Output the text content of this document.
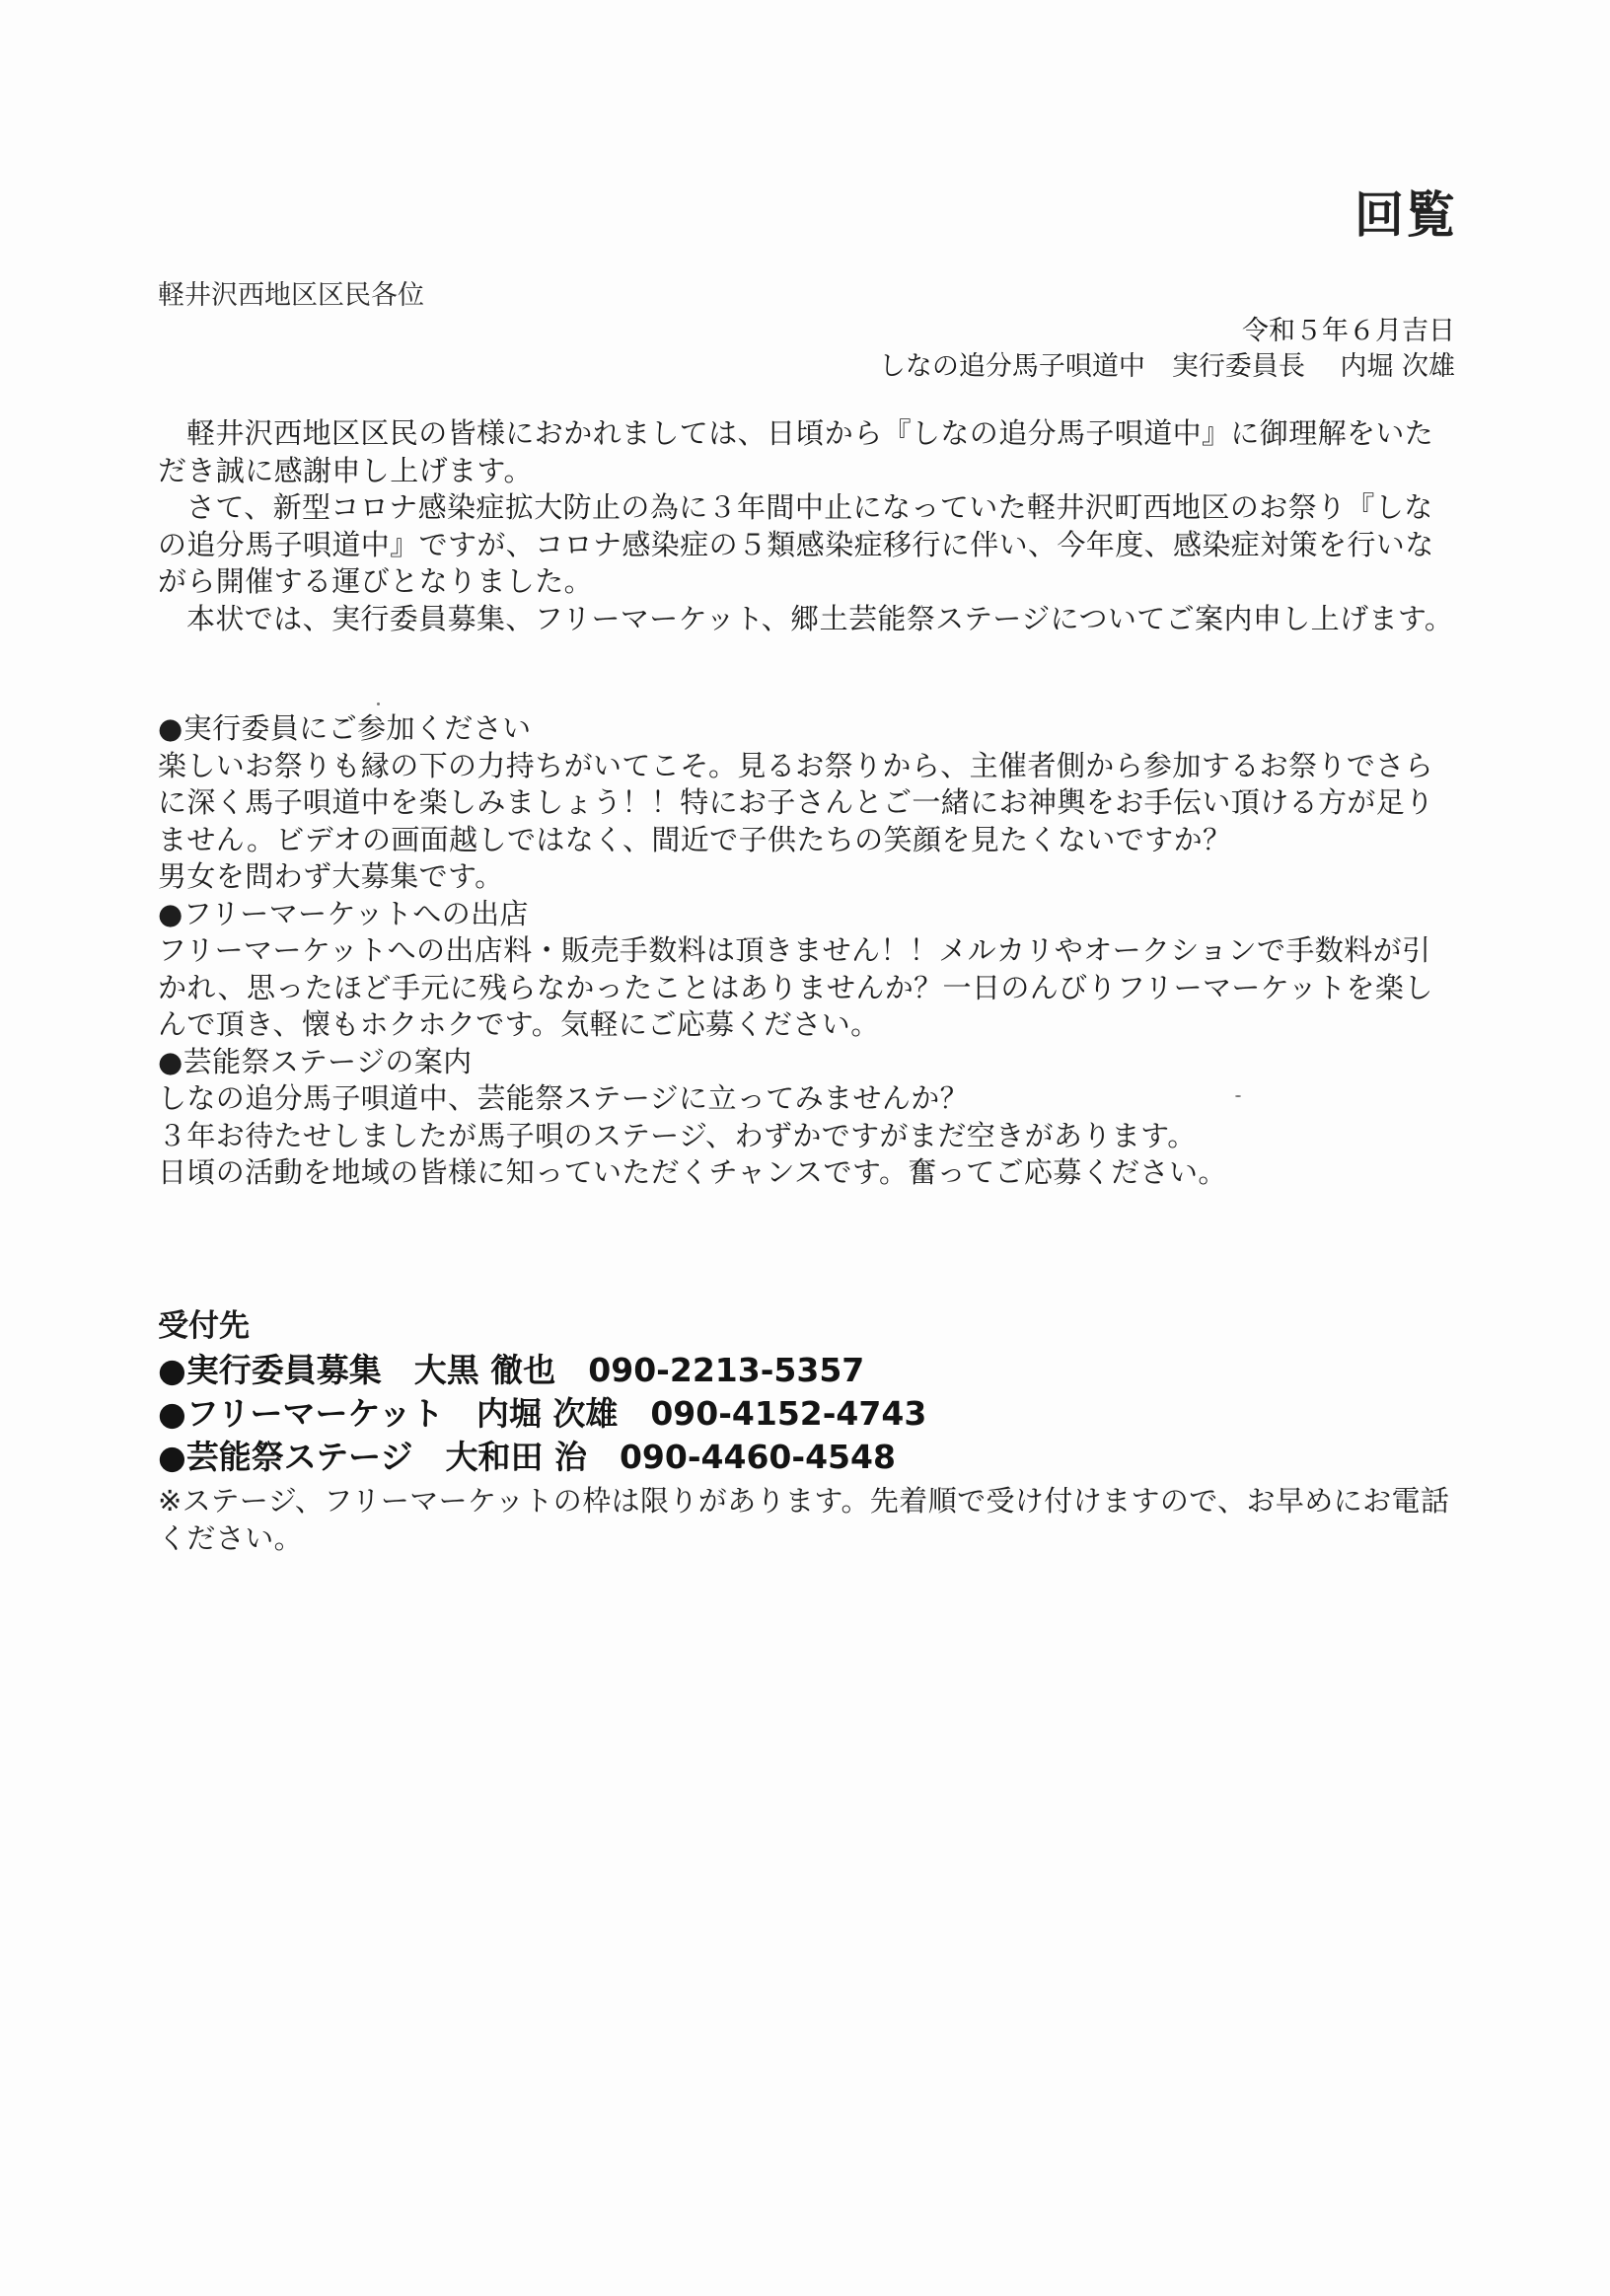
回覧
軽井沢西地区区民各位
令和５年６月吉日
しなの追分馬子唄道中　実行委員長　 内堀 次雄

軽井沢西地区区民の皆様におかれましては、日頃から『しなの追分馬子唄道中』に御理解をいただき誠に感謝申し上げます。

さて、新型コロナ感染症拡大防止の為に３年間中止になっていた軽井沢町西地区のお祭り『しなの追分馬子唄道中』ですが、コロナ感染症の５類感染症移行に伴い、今年度、感染症対策を行いながら開催する運びとなりました。

本状では、実行委員募集、フリーマーケット、郷土芸能祭ステージについてご案内申し上げます。

●実行委員にご参加ください

楽しいお祭りも縁の下の力持ちがいてこそ。見るお祭りから、主催者側から参加するお祭りでさらに深く馬子唄道中を楽しみましょう！！特にお子さんとご一緒にお神輿をお手伝い頂ける方が足りません。ビデオの画面越しではなく、間近で子供たちの笑顔を見たくないですか？

男女を問わず大募集です。

●フリーマーケットへの出店

フリーマーケットへの出店料・販売手数料は頂きません！！メルカリやオークションで手数料が引かれ、思ったほど手元に残らなかったことはありませんか？一日のんびりフリーマーケットを楽しんで頂き、懐もホクホクです。気軽にご応募ください。

●芸能祭ステージの案内

しなの追分馬子唄道中、芸能祭ステージに立ってみませんか？

３年お待たせしましたが馬子唄のステージ、わずかですがまだ空きがあります。

日頃の活動を地域の皆様に知っていただくチャンスです。奮ってご応募ください。

受付先
●実行委員募集　大黒 徹也　090-2213-5357
●フリーマーケット　内堀 次雄　090-4152-4743
●芸能祭ステージ　大和田 治　090-4460-4548
※ステージ、フリーマーケットの枠は限りがあります。先着順で受け付けますので、お早めにお電話ください。
